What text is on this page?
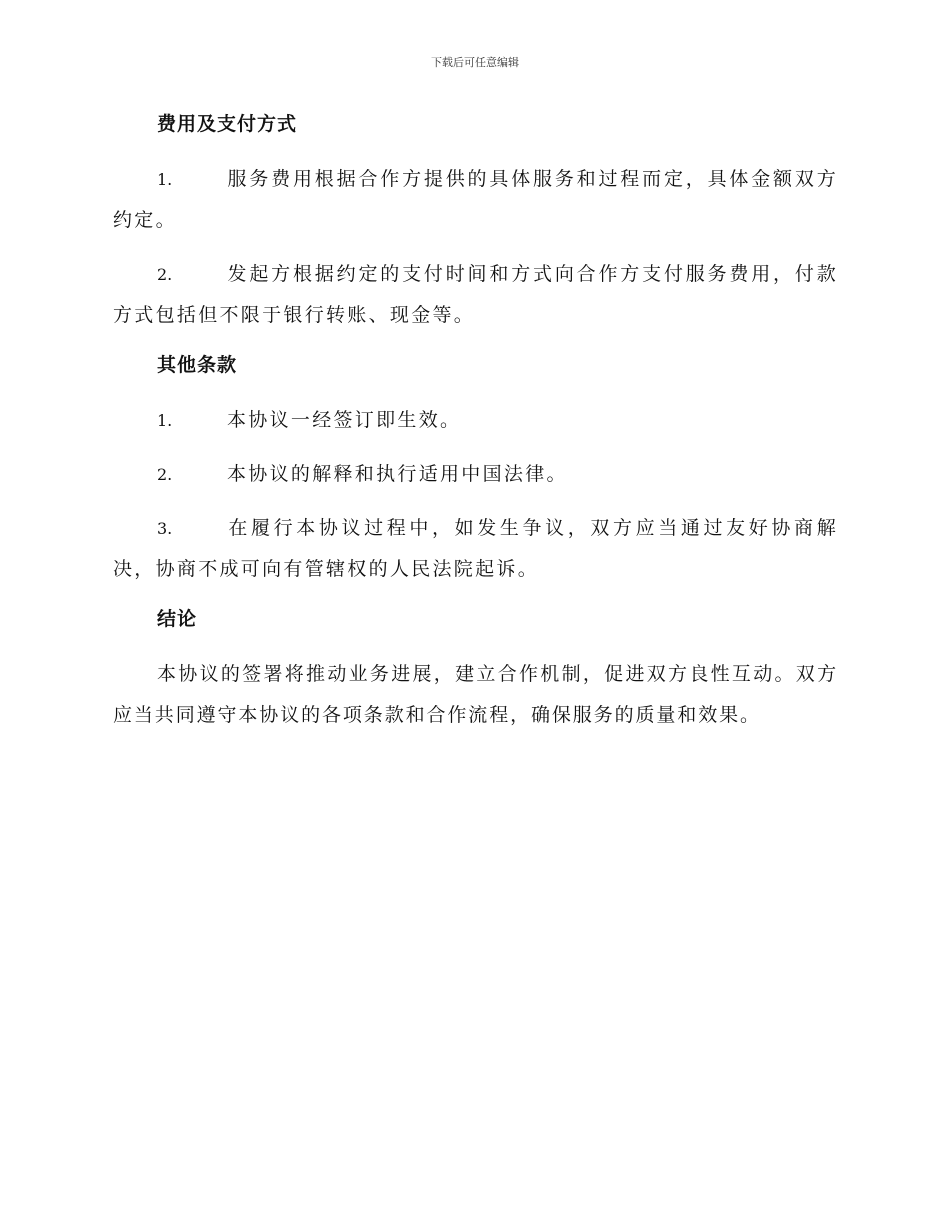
下载后可任意编辑
费用及支付方式

1.	服务费用根据合作方提供的具体服务和过程而定，具体金额双方约定。

2.	发起方根据约定的支付时间和方式向合作方支付服务费用，付款方式包括但不限于银行转账、现金等。

其他条款

1.	本协议一经签订即生效。

2.	本协议的解释和执行适用中国法律。

3.	在履行本协议过程中，如发生争议，双方应当通过友好协商解决，协商不成可向有管辖权的人民法院起诉。

结论

本协议的签署将推动业务进展，建立合作机制，促进双方良性互动。双方应当共同遵守本协议的各项条款和合作流程，确保服务的质量和效果。
